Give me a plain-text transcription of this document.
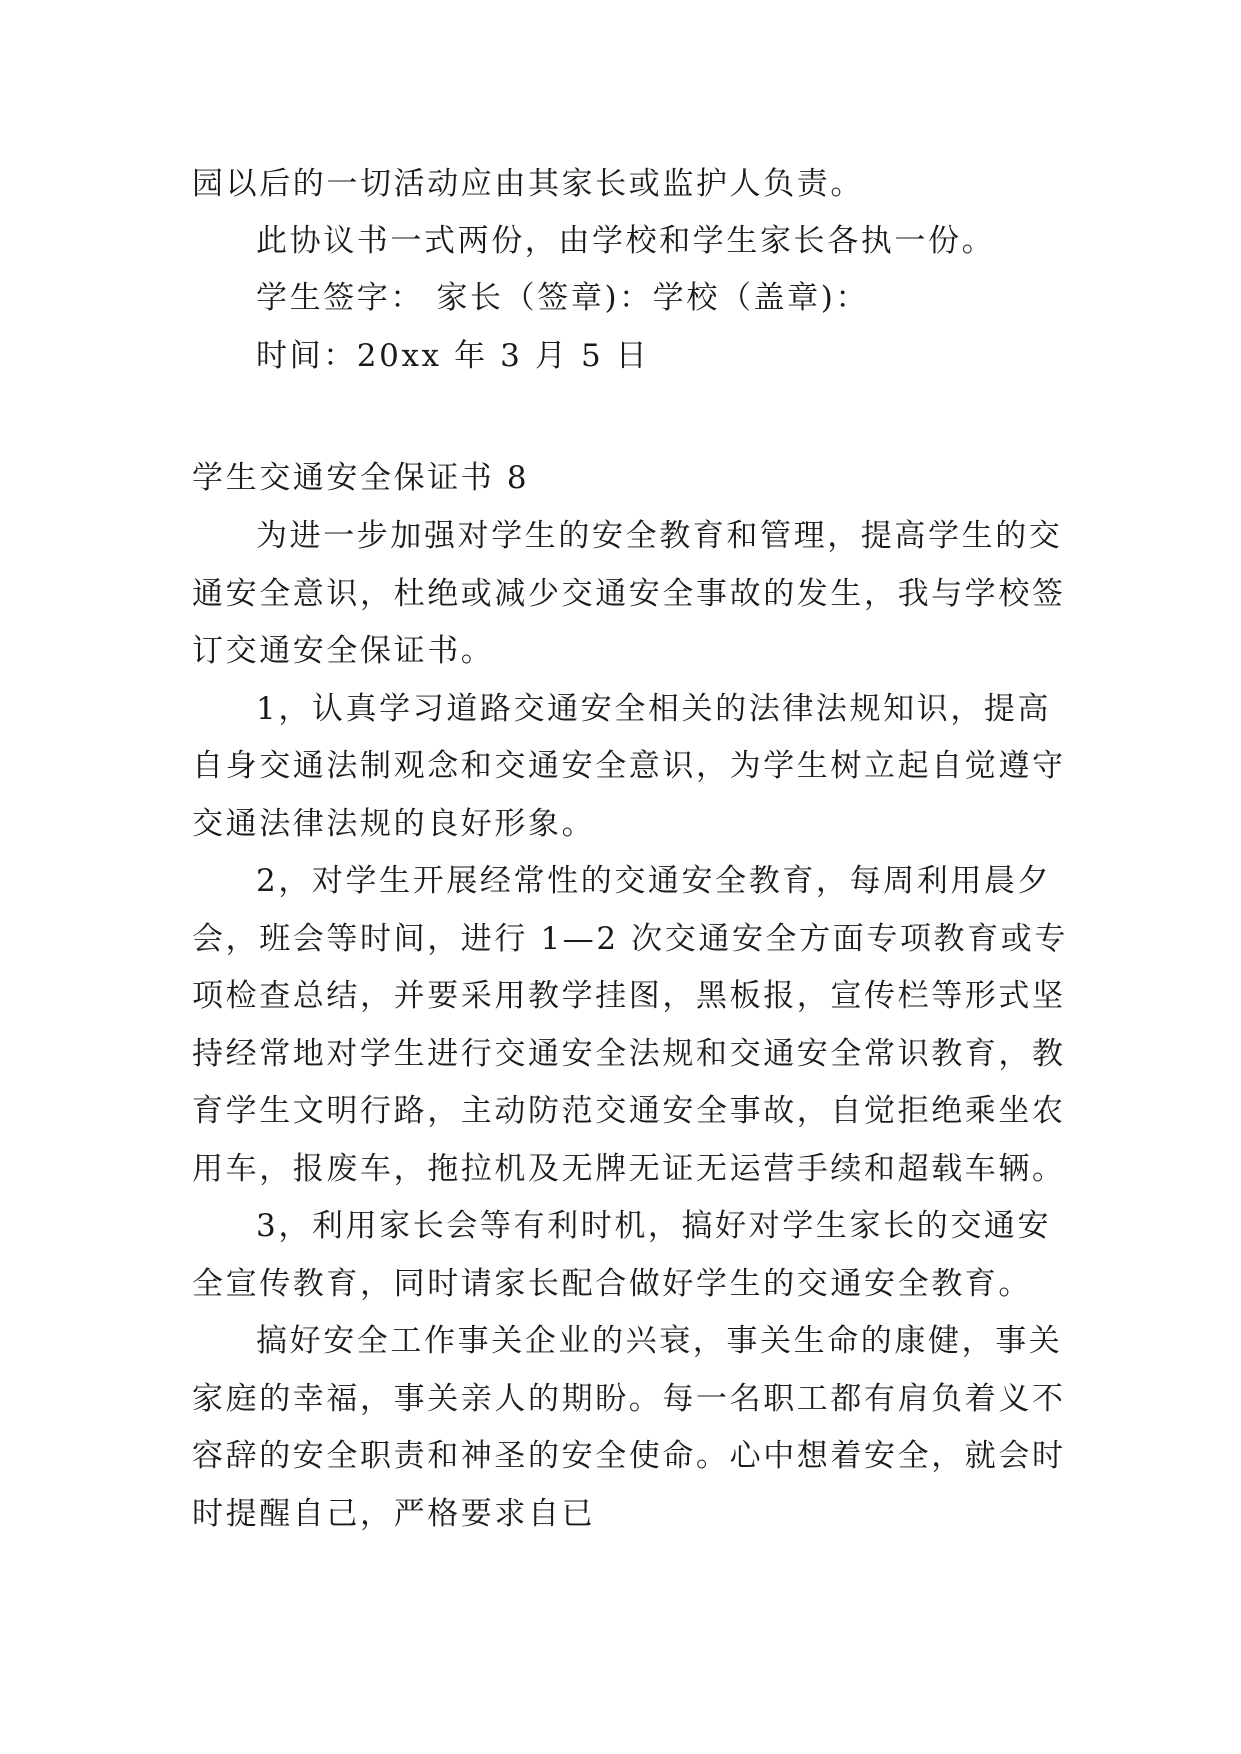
园以后的一切活动应由其家长或监护人负责。
此协议书一式两份，由学校和学生家长各执一份。
学生签字： 家长（签章)：学校（盖章)：
时间：20xx 年 3 月 5 日
学生交通安全保证书 8
为进一步加强对学生的安全教育和管理，提高学生的交
通安全意识，杜绝或减少交通安全事故的发生，我与学校签
订交通安全保证书。
1，认真学习道路交通安全相关的法律法规知识，提高
自身交通法制观念和交通安全意识，为学生树立起自觉遵守
交通法律法规的良好形象。
2，对学生开展经常性的交通安全教育，每周利用晨夕
会，班会等时间，进行 1—2 次交通安全方面专项教育或专
项检查总结，并要采用教学挂图，黑板报，宣传栏等形式坚
持经常地对学生进行交通安全法规和交通安全常识教育，教
育学生文明行路，主动防范交通安全事故，自觉拒绝乘坐农
用车，报废车，拖拉机及无牌无证无运营手续和超载车辆。
3，利用家长会等有利时机，搞好对学生家长的交通安
全宣传教育，同时请家长配合做好学生的交通安全教育。
搞好安全工作事关企业的兴衰，事关生命的康健，事关
家庭的幸福，事关亲人的期盼。每一名职工都有肩负着义不
容辞的安全职责和神圣的安全使命。心中想着安全，就会时
时提醒自己，严格要求自已
